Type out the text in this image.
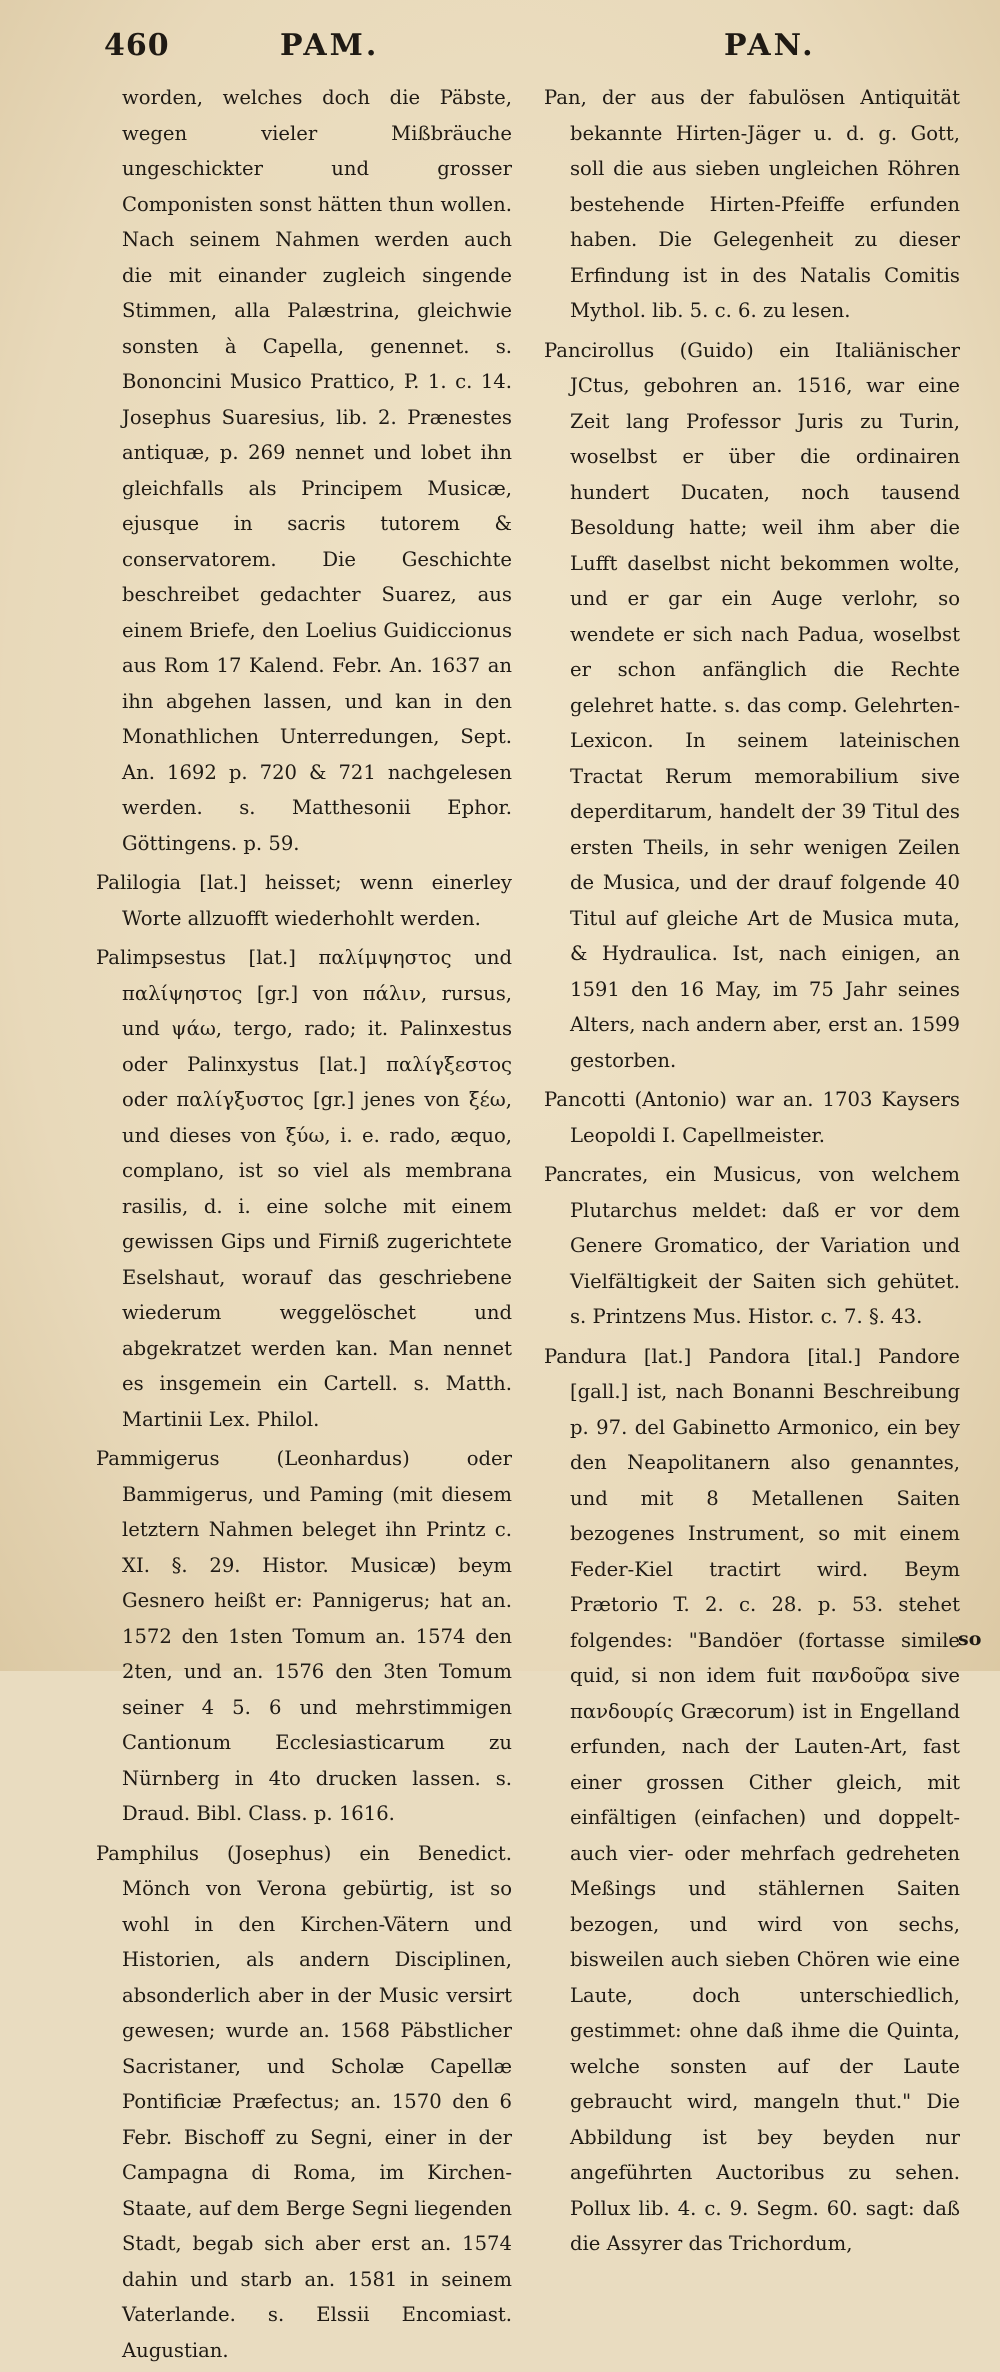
460	PAM.	PAN.

worden, welches doch die Päbste, wegen vieler Mißbräuche ungeschickter und grosser Componisten sonst hätten thun wollen. Nach seinem Nahmen werden auch die mit einander zugleich singende Stimmen, alla Palæstrina, gleichwie sonsten à Capella, genennet. s. Bononcini Musico Prattico, P. 1. c. 14. Josephus Suaresius, lib. 2. Prænestes antiquæ, p. 269 nennet und lobet ihn gleichfalls als Principem Musicæ, ejusque in sacris tutorem & conservatorem. Die Geschichte beschreibet gedachter Suarez, aus einem Briefe, den Loelius Guidiccionus aus Rom 17 Kalend. Febr. An. 1637 an ihn abgehen lassen, und kan in den Monathlichen Unterredungen, Sept. An. 1692 p. 720 & 721 nachgelesen werden. s. Matthesonii Ephor. Göttingens. p. 59.

Palilogia [lat.] heisset; wenn einerley Worte allzuofft wiederhohlt werden.

Palimpsestus [lat.] παλίμψηστος und παλίψηστος [gr.] von πάλιν, rursus, und ψάω, tergo, rado; it. Palinxestus oder Palinxystus [lat.] παλίγξεστος oder παλίγξυστος [gr.] jenes von ξέω, und dieses von ξύω, i. e. rado, æquo, complano, ist so viel als membrana rasilis, d. i. eine solche mit einem gewissen Gips und Firniß zugerichtete Eselshaut, worauf das geschriebene wiederum weggelöschet und abgekratzet werden kan. Man nennet es insgemein ein Cartell. s. Matth. Martinii Lex. Philol.

Pammigerus (Leonhardus) oder Bammigerus, und Paming (mit diesem letztern Nahmen beleget ihn Printz c. XI. §. 29. Histor. Musicæ) beym Gesnero heißt er: Pannigerus; hat an. 1572 den 1sten Tomum an. 1574 den 2ten, und an. 1576 den 3ten Tomum seiner 4 5. 6 und mehrstimmigen Cantionum Ecclesiasticarum zu Nürnberg in 4to drucken lassen. s. Draud. Bibl. Class. p. 1616.

Pamphilus (Josephus) ein Benedict. Mönch von Verona gebürtig, ist so wohl in den Kirchen-Vätern und Historien, als andern Disciplinen, absonderlich aber in der Music versirt gewesen; wurde an. 1568 Päbstlicher Sacristaner, und Scholæ Capellæ Pontificiæ Præfectus; an. 1570 den 6 Febr. Bischoff zu Segni, einer in der Campagna di Roma, im Kirchen-Staate, auf dem Berge Segni liegenden Stadt, begab sich aber erst an. 1574 dahin und starb an. 1581 in seinem Vaterlande. s. Elssii Encomiast. Augustian.

Pan, der aus der fabulösen Antiquität bekannte Hirten-Jäger u. d. g. Gott, soll die aus sieben ungleichen Röhren bestehende Hirten-Pfeiffe erfunden haben. Die Gelegenheit zu dieser Erfindung ist in des Natalis Comitis Mythol. lib. 5. c. 6. zu lesen.

Pancirollus (Guido) ein Italiänischer JCtus, gebohren an. 1516, war eine Zeit lang Professor Juris zu Turin, woselbst er über die ordinairen hundert Ducaten, noch tausend Besoldung hatte; weil ihm aber die Lufft daselbst nicht bekommen wolte, und er gar ein Auge verlohr, so wendete er sich nach Padua, woselbst er schon anfänglich die Rechte gelehret hatte. s. das comp. Gelehrten-Lexicon. In seinem lateinischen Tractat Rerum memorabilium sive deperditarum, handelt der 39 Titul des ersten Theils, in sehr wenigen Zeilen de Musica, und der drauf folgende 40 Titul auf gleiche Art de Musica muta, & Hydraulica. Ist, nach einigen, an 1591 den 16 May, im 75 Jahr seines Alters, nach andern aber, erst an. 1599 gestorben.

Pancotti (Antonio) war an. 1703 Kaysers Leopoldi I. Capellmeister.

Pancrates, ein Musicus, von welchem Plutarchus meldet: daß er vor dem Genere Gromatico, der Variation und Vielfältigkeit der Saiten sich gehütet. s. Printzens Mus. Histor. c. 7. §. 43.

Pandura [lat.] Pandora [ital.] Pandore [gall.] ist, nach Bonanni Beschreibung p. 97. del Gabinetto Armonico, ein bey den Neapolitanern also genanntes, und mit 8 Metallenen Saiten bezogenes Instrument, so mit einem Feder-Kiel tractirt wird. Beym Prætorio T. 2. c. 28. p. 53. stehet folgendes: "Bandöer (fortasse simile quid, si non idem fuit πανδοῦρα sive πανδουρίς Græcorum) ist in Engelland erfunden, nach der Lauten-Art, fast einer grossen Cither gleich, mit einfältigen (einfachen) und doppelt- auch vier- oder mehrfach gedreheten Meßings und stählernen Saiten bezogen, und wird von sechs, bisweilen auch sieben Chören wie eine Laute, doch unterschiedlich, gestimmet: ohne daß ihme die Quinta, welche sonsten auf der Laute gebraucht wird, mangeln thut." Die Abbildung ist bey beyden nur angeführten Auctoribus zu sehen. Pollux lib. 4. c. 9. Segm. 60. sagt: daß die Assyrer das Trichordum,

so
